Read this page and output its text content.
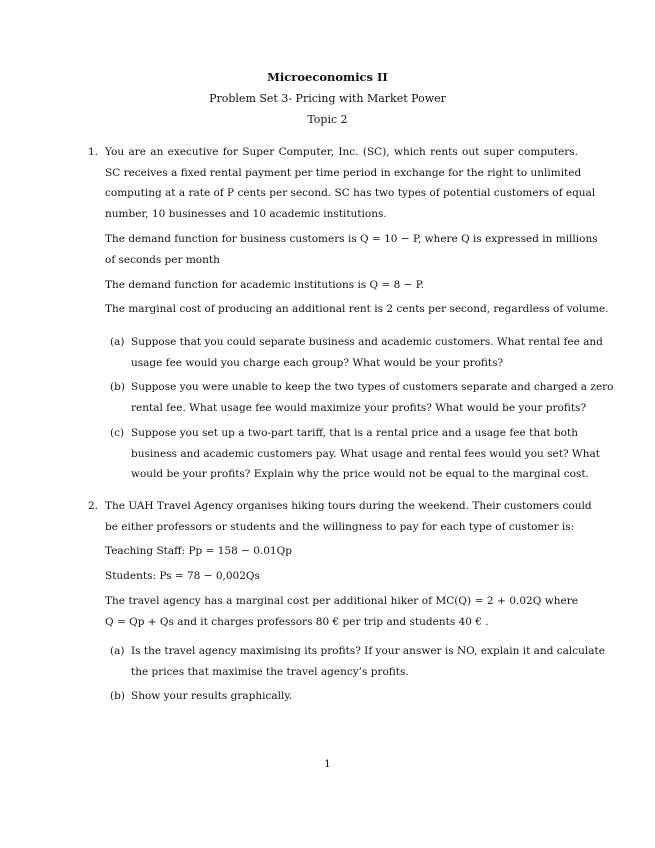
Microeconomics II
Problem Set 3- Pricing with Market Power
Topic 2
1. You are an executive for Super Computer, Inc. (SC), which rents out super computers.
SC receives a fixed rental payment per time period in exchange for the right to unlimited
computing at a rate of P cents per second. SC has two types of potential customers of equal
number, 10 businesses and 10 academic institutions.
The demand function for business customers is Q = 10 − P, where Q is expressed in millions
of seconds per month
The demand function for academic institutions is Q = 8 − P.
The marginal cost of producing an additional rent is 2 cents per second, regardless of volume.
(a) Suppose that you could separate business and academic customers. What rental fee and
usage fee would you charge each group? What would be your profits?
(b) Suppose you were unable to keep the two types of customers separate and charged a zero
rental fee. What usage fee would maximize your profits? What would be your profits?
(c) Suppose you set up a two-part tariff, that is a rental price and a usage fee that both
business and academic customers pay. What usage and rental fees would you set? What
would be your profits? Explain why the price would not be equal to the marginal cost.
2. The UAH Travel Agency organises hiking tours during the weekend. Their customers could
be either professors or students and the willingness to pay for each type of customer is:
Teaching Staff: Pp = 158 − 0.01Qp
Students: Ps = 78 − 0,002Qs
The travel agency has a marginal cost per additional hiker of MC(Q) = 2 + 0.02Q where
Q = Qp + Qs and it charges professors 80 € per trip and students 40 € .
(a) Is the travel agency maximising its profits? If your answer is NO, explain it and calculate
the prices that maximise the travel agency’s profits.
(b) Show your results graphically.
1
